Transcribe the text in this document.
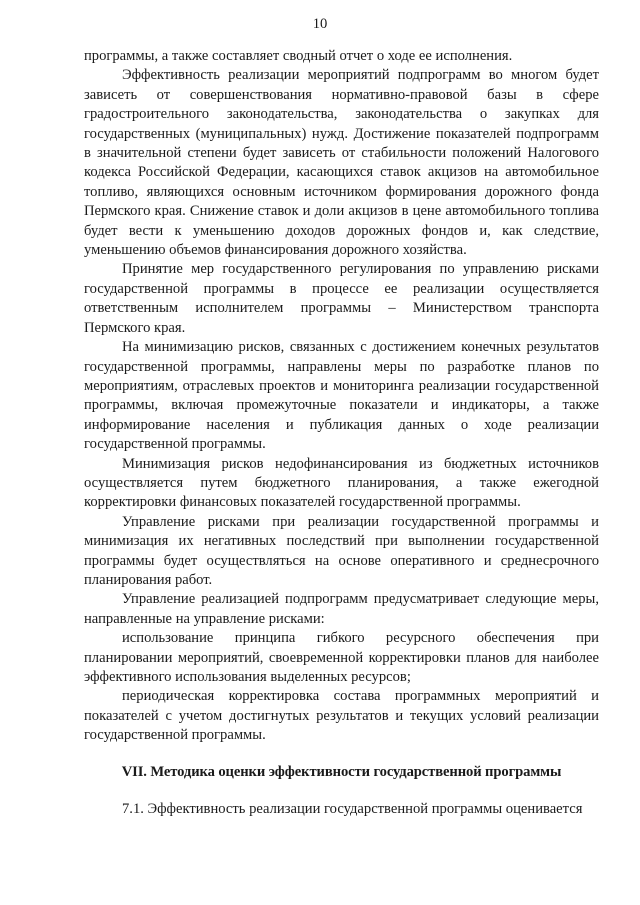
10

программы, а также составляет сводный отчет о ходе ее исполнения.

Эффективность реализации мероприятий подпрограмм во многом будет зависеть от совершенствования нормативно-правовой базы в сфере градостроительного законодательства, законодательства о закупках для государственных (муниципальных) нужд. Достижение показателей подпрограмм в значительной степени будет зависеть от стабильности положений Налогового кодекса Российской Федерации, касающихся ставок акцизов на автомобильное топливо, являющихся основным источником формирования дорожного фонда Пермского края. Снижение ставок и доли акцизов в цене автомобильного топлива будет вести к уменьшению доходов дорожных фондов и, как следствие, уменьшению объемов финансирования дорожного хозяйства.

Принятие мер государственного регулирования по управлению рисками государственной программы в процессе ее реализации осуществляется ответственным исполнителем программы – Министерством транспорта Пермского края.

На минимизацию рисков, связанных с достижением конечных результатов государственной программы, направлены меры по разработке планов по мероприятиям, отраслевых проектов и мониторинга реализации государственной программы, включая промежуточные показатели и индикаторы, а также информирование населения и публикация данных о ходе реализации государственной программы.

Минимизация рисков недофинансирования из бюджетных источников осуществляется путем бюджетного планирования, а также ежегодной корректировки финансовых показателей государственной программы.

Управление рисками при реализации государственной программы и минимизация их негативных последствий при выполнении государственной программы будет осуществляться на основе оперативного и среднесрочного планирования работ.

Управление реализацией подпрограмм предусматривает следующие меры, направленные на управление рисками:

использование принципа гибкого ресурсного обеспечения при планировании мероприятий, своевременной корректировки планов для наиболее эффективного использования выделенных ресурсов;

периодическая корректировка состава программных мероприятий и показателей с учетом достигнутых результатов и текущих условий реализации государственной программы.

VII. Методика оценки эффективности государственной программы

7.1. Эффективность реализации государственной программы оценивается
